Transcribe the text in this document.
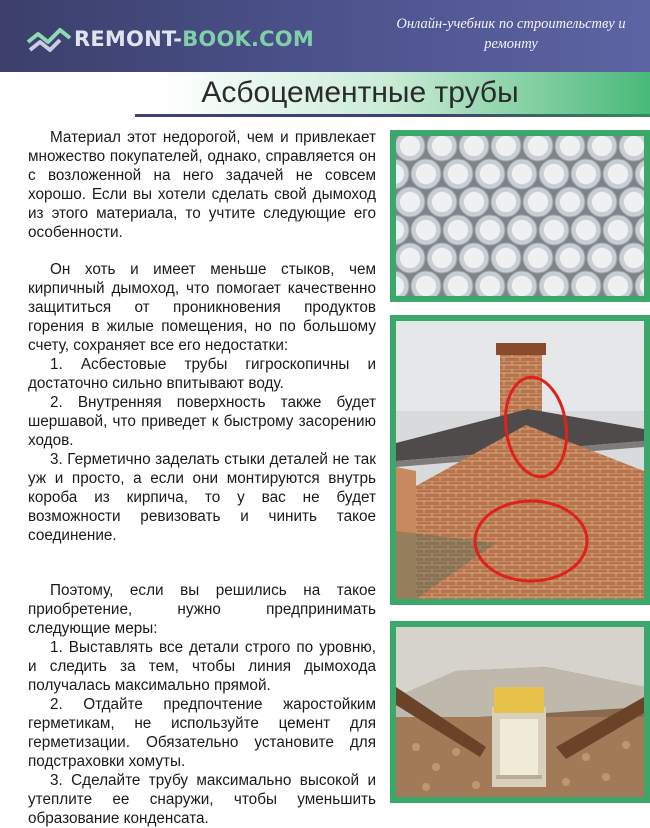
REMONT-BOOK.COM
Онлайн-учебник по строительству и ремонту
Асбоцементные трубы

Материал этот недорогой, чем и привлекает множество покупателей, однако, справляется он с возложенной на него задачей не совсем хорошо. Если вы хотели сделать свой дымоход из этого материала, то учтите следующие его особенности.

Он хоть и имеет меньше стыков, чем кирпичный дымоход, что помогает качественно защититься от проникновения продуктов горения в жилые помещения, но по большому счету, сохраняет все его недостатки:

1. Асбестовые трубы гигроскопичны и достаточно сильно впитывают воду.

2. Внутренняя поверхность также будет шершавой, что приведет к быстрому засорению ходов.

3. Герметично заделать стыки деталей не так уж и просто, а если они монтируются внутрь короба из кирпича, то у вас не будет возможности ревизовать и чинить такое соединение.

Поэтому, если вы решились на такое приобретение, нужно предпринимать следующие меры:

1. Выставлять все детали строго по уровню, и следить за тем, чтобы линия дымохода получалась максимально прямой.

2. Отдайте предпочтение жаростойким герметикам, не используйте цемент для герметизации. Обязательно установите для подстраховки хомуты.

3. Сделайте трубу максимально высокой и утеплите ее снаружи, чтобы уменьшить образование конденсата.
